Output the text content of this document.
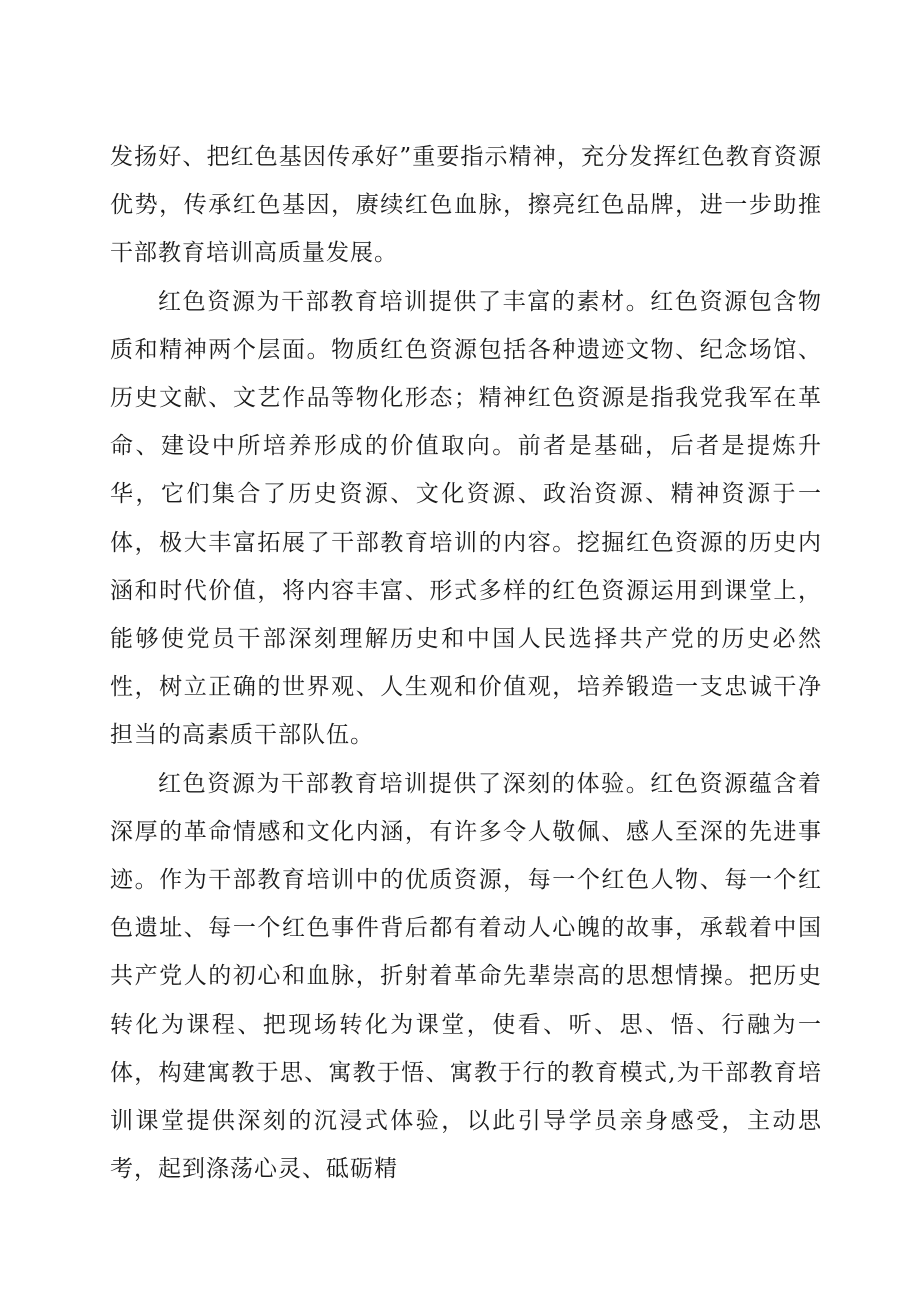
发扬好、把红色基因传承好”重要指示精神，充分发挥红色教育资源优势，传承红色基因，赓续红色血脉，擦亮红色品牌，进一步助推干部教育培训高质量发展。

红色资源为干部教育培训提供了丰富的素材。红色资源包含物质和精神两个层面。物质红色资源包括各种遗迹文物、纪念场馆、历史文献、文艺作品等物化形态；精神红色资源是指我党我军在革命、建设中所培养形成的价值取向。前者是基础，后者是提炼升华，它们集合了历史资源、文化资源、政治资源、精神资源于一体，极大丰富拓展了干部教育培训的内容。挖掘红色资源的历史内涵和时代价值，将内容丰富、形式多样的红色资源运用到课堂上，能够使党员干部深刻理解历史和中国人民选择共产党的历史必然性，树立正确的世界观、人生观和价值观，培养锻造一支忠诚干净担当的高素质干部队伍。

红色资源为干部教育培训提供了深刻的体验。红色资源蕴含着深厚的革命情感和文化内涵，有许多令人敬佩、感人至深的先进事迹。作为干部教育培训中的优质资源，每一个红色人物、每一个红色遗址、每一个红色事件背后都有着动人心魄的故事，承载着中国共产党人的初心和血脉，折射着革命先辈崇高的思想情操。把历史转化为课程、把现场转化为课堂，使看、听、思、悟、行融为一体，构建寓教于思、寓教于悟、寓教于行的教育模式,为干部教育培训课堂提供深刻的沉浸式体验，以此引导学员亲身感受，主动思考，起到涤荡心灵、砥砺精
